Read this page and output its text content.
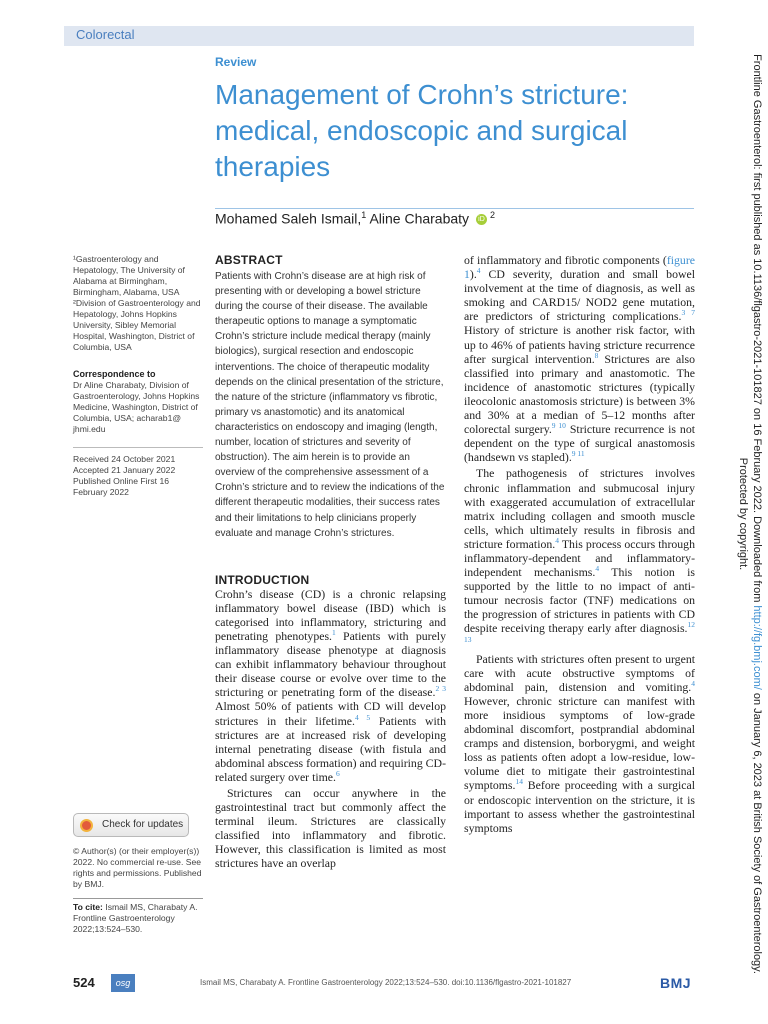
Colorectal
Review
Management of Crohn’s stricture: medical, endoscopic and surgical therapies
Mohamed Saleh Ismail,$^1$ Aline Charabaty iD $^2$
¹Gastroenterology and Hepatology, The University of Alabama at Birmingham, Birmingham, Alabama, USA ²Division of Gastroenterology and Hepatology, Johns Hopkins University, Sibley Memorial Hospital, Washington, District of Columbia, USA
Correspondence to
Dr Aline Charabaty, Division of Gastroenterology, Johns Hopkins Medicine, Washington, District of Columbia, USA; acharab1@ jhmi.edu
Received 24 October 2021
Accepted 21 January 2022
Published Online First 16 February 2022
Check for updates
© Author(s) (or their employer(s)) 2022. No commercial re-use. See rights and permissions. Published by BMJ.
To cite: Ismail MS, Charabaty A. Frontline Gastroenterology 2022;13:524–530.
ABSTRACT
Patients with Crohn’s disease are at high risk of presenting with or developing a bowel stricture during the course of their disease. The available therapeutic options to manage a symptomatic Crohn’s stricture include medical therapy (mainly biologics), surgical resection and endoscopic interventions. The choice of therapeutic modality depends on the clinical presentation of the stricture, the nature of the stricture (inflammatory vs fibrotic, primary vs anastomotic) and its anatomical characteristics on endoscopy and imaging (length, number, location of strictures and severity of obstruction). The aim herein is to provide an overview of the comprehensive assessment of a Crohn’s stricture and to review the indications of the different therapeutic modalities, their success rates and their limitations to help clinicians properly evaluate and manage Crohn’s strictures.
INTRODUCTION

Crohn’s disease (CD) is a chronic relapsing inflammatory bowel disease (IBD) which is categorised into inflammatory, stricturing and penetrating phenotypes.$^1$ Patients with purely inflammatory disease phenotype at diagnosis can exhibit inflammatory behaviour throughout their disease course or evolve over time to the stricturing or penetrating form of the disease.$^{2 3}$ Almost 50% of patients with CD will develop strictures in their lifetime.$^{4 5}$ Patients with strictures are at increased risk of developing internal penetrating disease (with fistula and abdominal abscess formation) and requiring CD-related surgery over time.$^6$

Strictures can occur anywhere in the gastrointestinal tract but commonly affect the terminal ileum. Strictures are classically classified into inflammatory and fibrotic. However, this classification is limited as most strictures have an overlap

of inflammatory and fibrotic components (figure 1).$^4$ CD severity, duration and small bowel involvement at the time of diagnosis, as well as smoking and CARD15/ NOD2 gene mutation, are predictors of stricturing complications.$^{3 7}$ History of stricture is another risk factor, with up to 46% of patients having stricture recurrence after surgical intervention.$^8$ Strictures are also classified into primary and anastomotic. The incidence of anastomotic strictures (typically ileocolonic anastomosis stricture) is between 3% and 30% at a median of 5–12 months after colorectal surgery.$^{9 10}$ Stricture recurrence is not dependent on the type of surgical anastomosis (handsewn vs stapled).$^{9 11}$

The pathogenesis of strictures involves chronic inflammation and submucosal injury with exaggerated accumulation of extracellular matrix including collagen and smooth muscle cells, which ultimately results in fibrosis and stricture formation.$^4$ This process occurs through inflammatory-dependent and inflammatory-independent mechanisms.$^4$ This notion is supported by the little to no impact of anti-tumour necrosis factor (TNF) medications on the progression of strictures in patients with CD despite receiving therapy early after diagnosis.$^{12 13}$

Patients with strictures often present to urgent care with acute obstructive symptoms of abdominal pain, distension and vomiting.$^4$ However, chronic stricture can manifest with more insidious symptoms of low-grade abdominal discomfort, postprandial abdominal cramps and distension, borborygmi, and weight loss as patients often adopt a low-residue, low-volume diet to mitigate their gastrointestinal symptoms.$^{14}$ Before proceeding with a surgical or endoscopic intervention on the stricture, it is important to assess whether the gastrointestinal symptoms

524	osg	Ismail MS, Charabaty A. Frontline Gastroenterology 2022;13:524–530. doi:10.1136/flgastro-2021-101827	BMJ
Frontline Gastroenterol: first published as 10.1136/flgastro-2021-101827 on 16 February 2022. Downloaded from http://fg.bmj.com/ on January 6, 2023 at British Society of Gastroenterology.
Protected by copyright.
